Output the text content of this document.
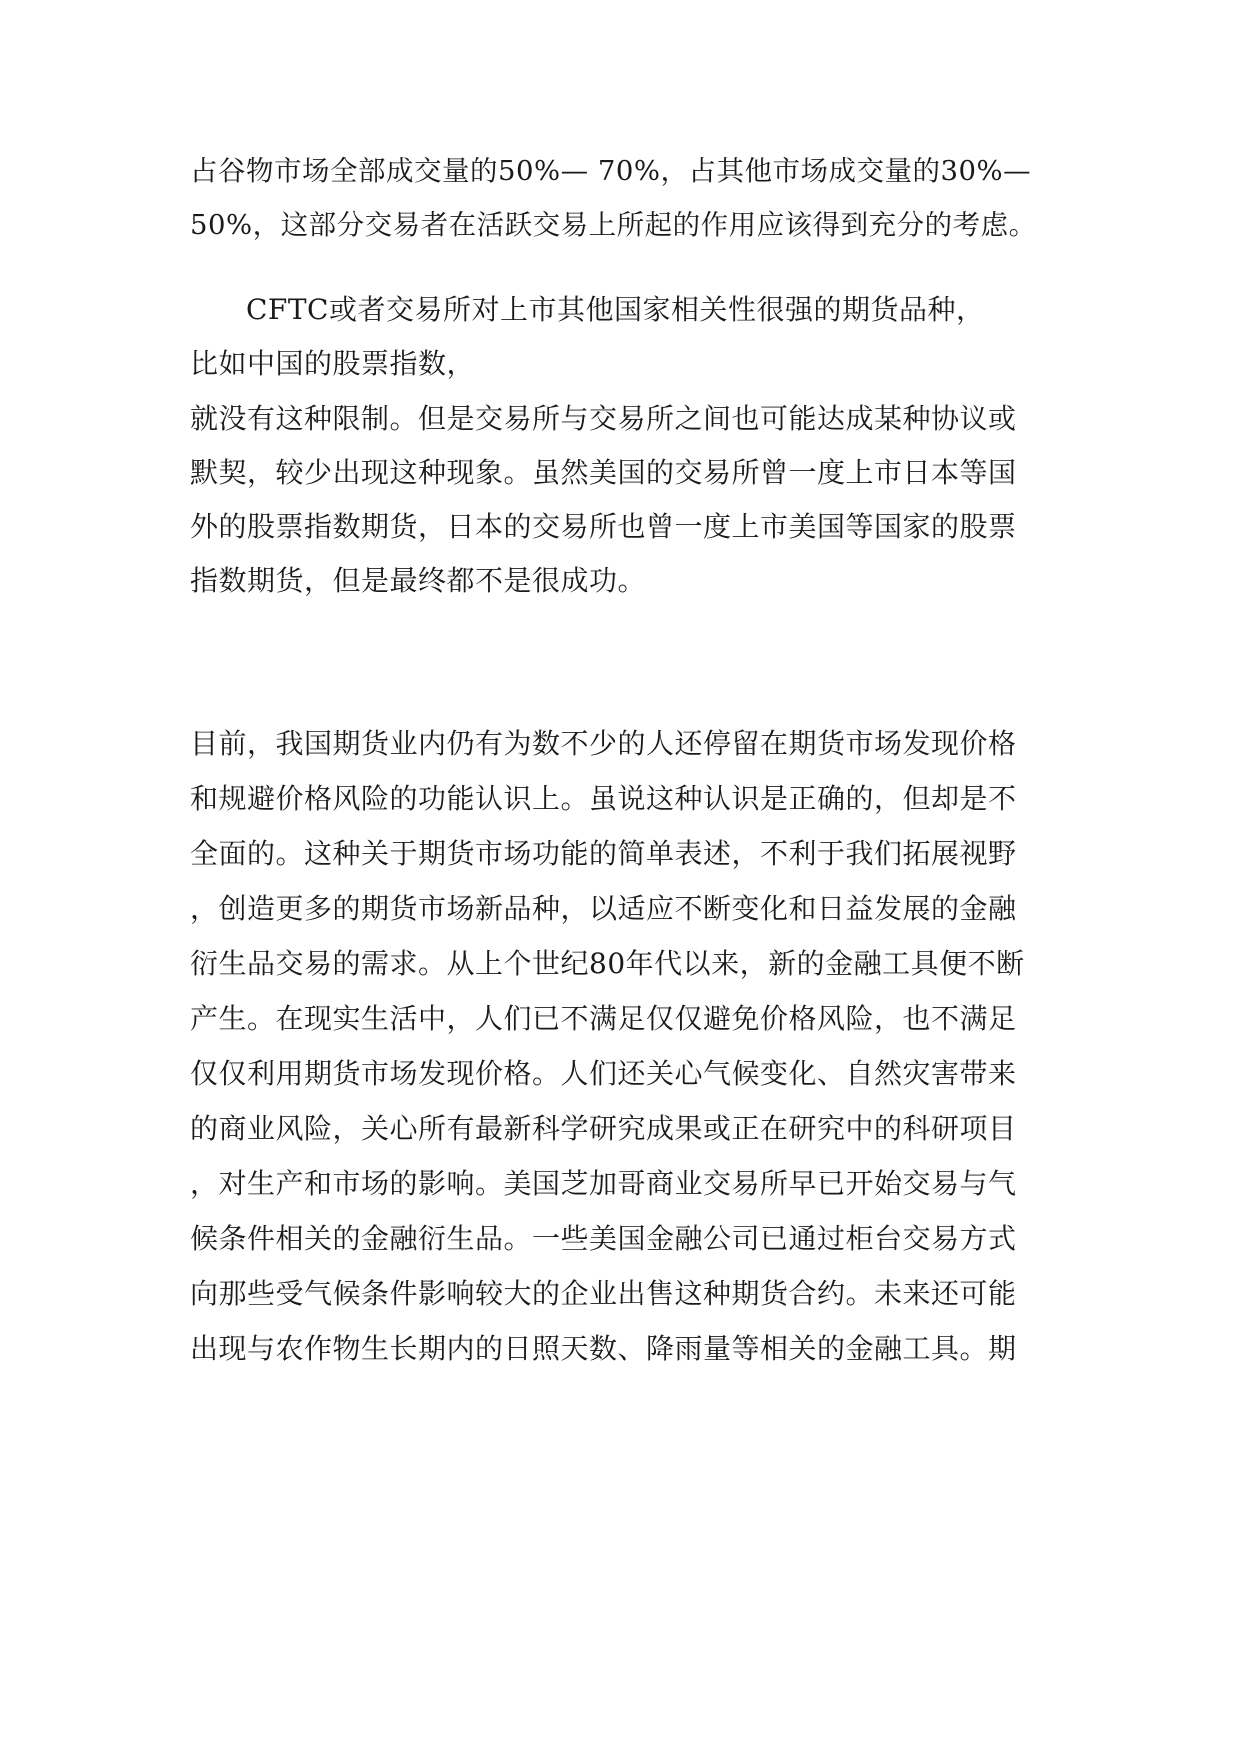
占谷物市场全部成交量的50%— 70%，占其他市场成交量的30%—
50%，这部分交易者在活跃交易上所起的作用应该得到充分的考虑。
CFTC或者交易所对上市其他国家相关性很强的期货品种，
比如中国的股票指数，
就没有这种限制。但是交易所与交易所之间也可能达成某种协议或
默契，较少出现这种现象。虽然美国的交易所曾一度上市日本等国
外的股票指数期货，日本的交易所也曾一度上市美国等国家的股票
指数期货，但是最终都不是很成功。
目前，我国期货业内仍有为数不少的人还停留在期货市场发现价格
和规避价格风险的功能认识上。虽说这种认识是正确的，但却是不
全面的。这种关于期货市场功能的简单表述，不利于我们拓展视野
，创造更多的期货市场新品种，以适应不断变化和日益发展的金融
衍生品交易的需求。从上个世纪80年代以来，新的金融工具便不断
产生。在现实生活中，人们已不满足仅仅避免价格风险，也不满足
仅仅利用期货市场发现价格。人们还关心气候变化、自然灾害带来
的商业风险，关心所有最新科学研究成果或正在研究中的科研项目
，对生产和市场的影响。美国芝加哥商业交易所早已开始交易与气
候条件相关的金融衍生品。一些美国金融公司已通过柜台交易方式
向那些受气候条件影响较大的企业出售这种期货合约。未来还可能
出现与农作物生长期内的日照天数、降雨量等相关的金融工具。期
